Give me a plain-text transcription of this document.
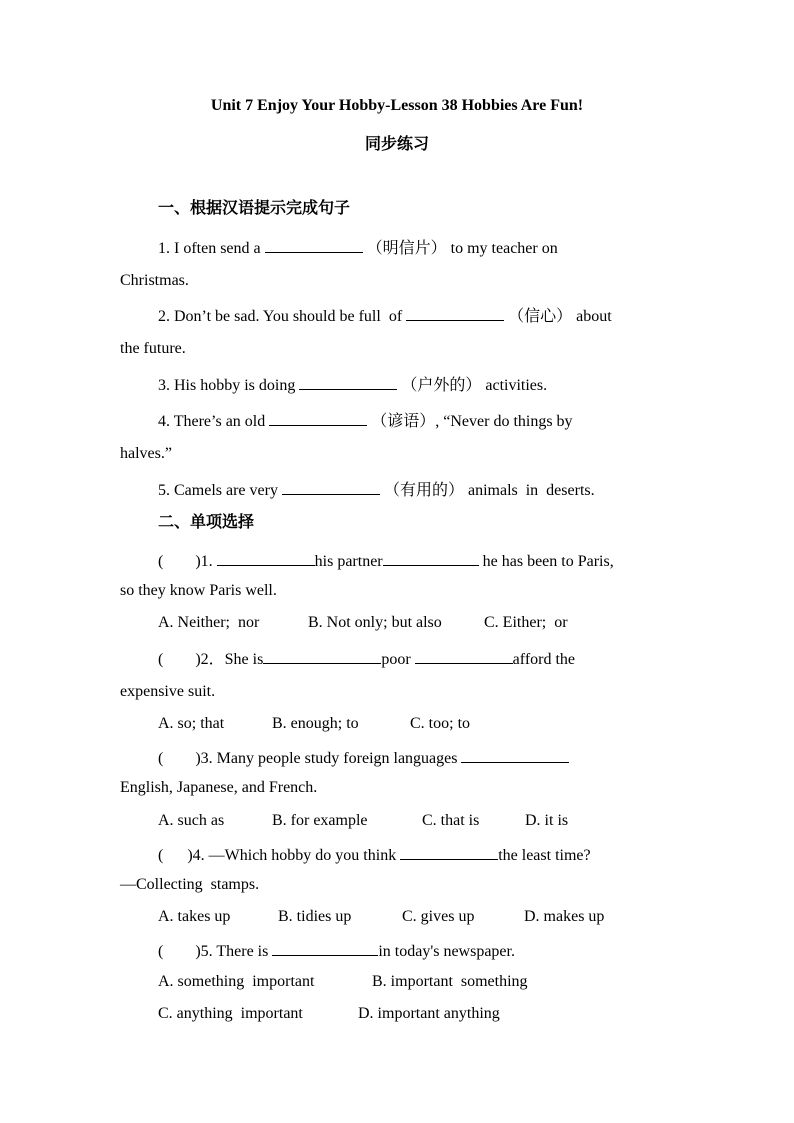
Unit 7 Enjoy Your Hobby-Lesson 38 Hobbies Are Fun!
同步练习
一、根据汉语提示完成句子
1. I often send a	（明信片） to my teacher on
Christmas.
2. Don’t be sad. You should be full  of	（信心） about
the future.
3. His hobby is doing	（户外的） activities.
4. There’s an old	（谚语）, “Never do things by
halves.”
5. Camels are very	（有用的） animals  in  deserts.
二、单项选择
(        )1.	his partner	he has been to Paris,
so they know Paris well.
A. Neither;  nor	B. Not only; but also	C. Either;  or
(        )2．She is	poor	afford the
expensive suit.
A. so; that	B. enough; to	C. too; to
(        )3. Many people study foreign languages
English, Japanese, and French.
A. such as	B. for example	C. that is	D. it is
(      )4. —Which hobby do you think	the least time?
—Collecting  stamps.
A. takes up	B. tidies up	C. gives up	D. makes up
(        )5. There is	in today's newspaper.
A. something  important	B. important  something
C. anything  important	D. important anything
